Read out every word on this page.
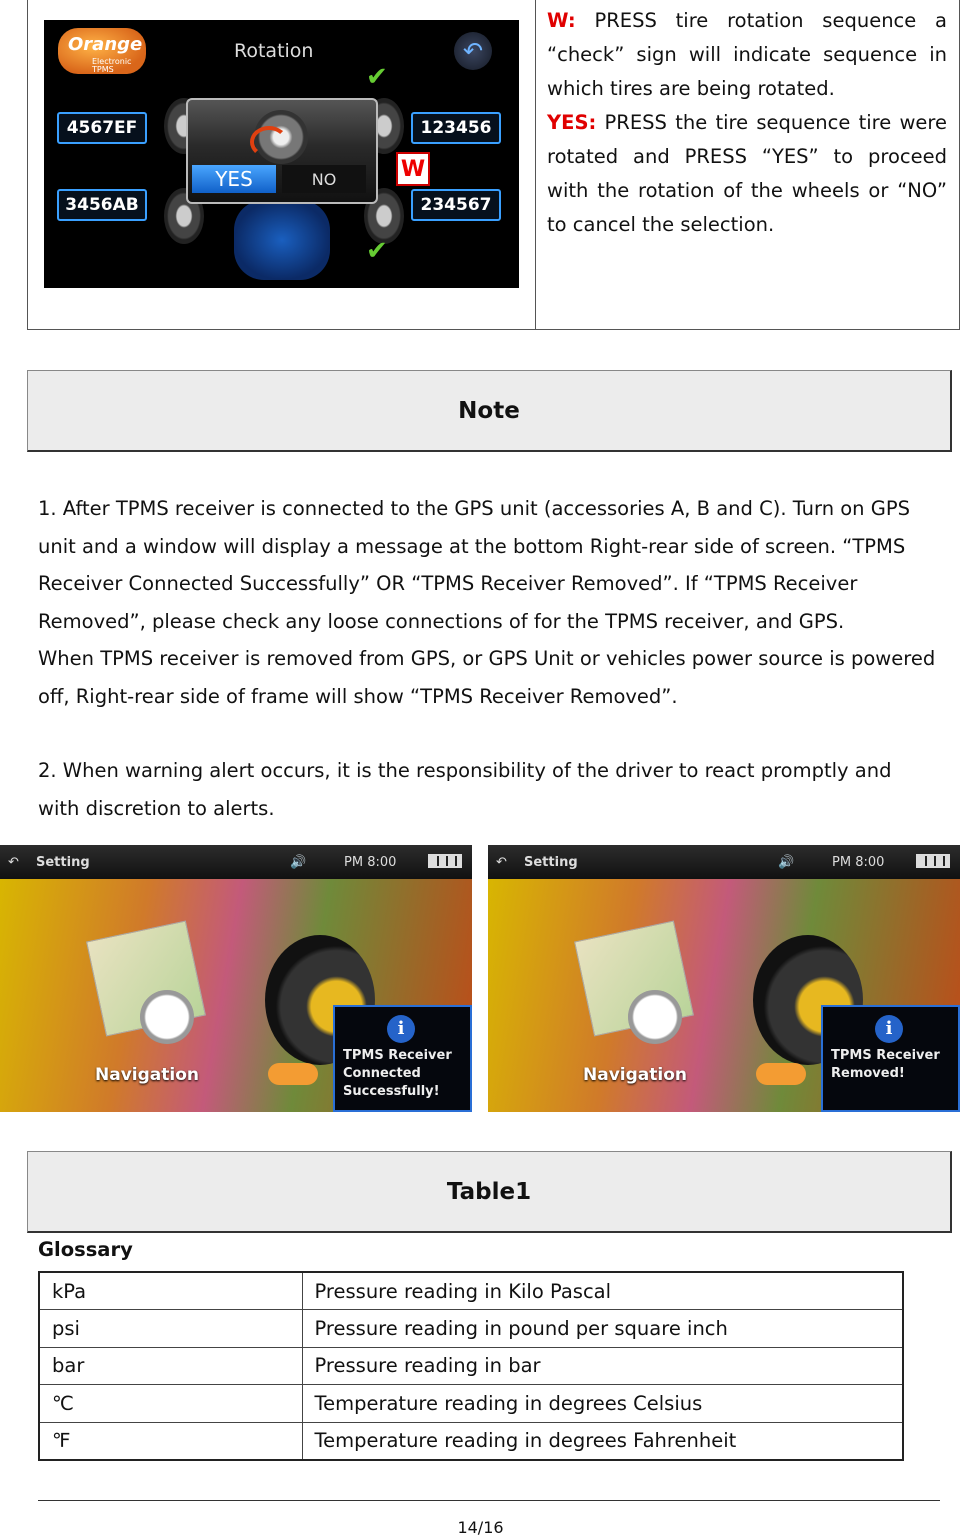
Orange
Electronic TPMS
Rotation	↶
4567EF	123456
3456AB	234567
YES	NO	W
✔
✔
W: PRESS tire rotation sequence a “check” sign will indicate sequence in which tires are being rotated.
YES: PRESS the tire sequence tire were rotated and PRESS “YES” to proceed with the rotation of the wheels or “NO” to cancel the selection.
Note
1. After TPMS receiver is connected to the GPS unit (accessories A, B and C). Turn on GPS unit and a window will display a message at the bottom Right-rear side of screen. “TPMS Receiver Connected Successfully” OR “TPMS Receiver Removed”. If “TPMS Receiver Removed”, please check any loose connections of for the TPMS receiver, and GPS.
When TPMS receiver is removed from GPS, or GPS Unit or vehicles power source is powered off, Right-rear side of frame will show “TPMS Receiver Removed”.
2. When warning alert occurs, it is the responsibility of the driver to react promptly and with discretion to alerts.
↶ Setting	🔊	PM 8:00
Navigation
i
TPMS Receiver Connected Successfully!
↶ Setting	🔊	PM 8:00
Navigation
i
TPMS Receiver Removed!
Table1
Glossary
kPa	Pressure reading in Kilo Pascal
psi	Pressure reading in pound per square inch
bar	Pressure reading in bar
℃	Temperature reading in degrees Celsius
℉	Temperature reading in degrees Fahrenheit
14/16
